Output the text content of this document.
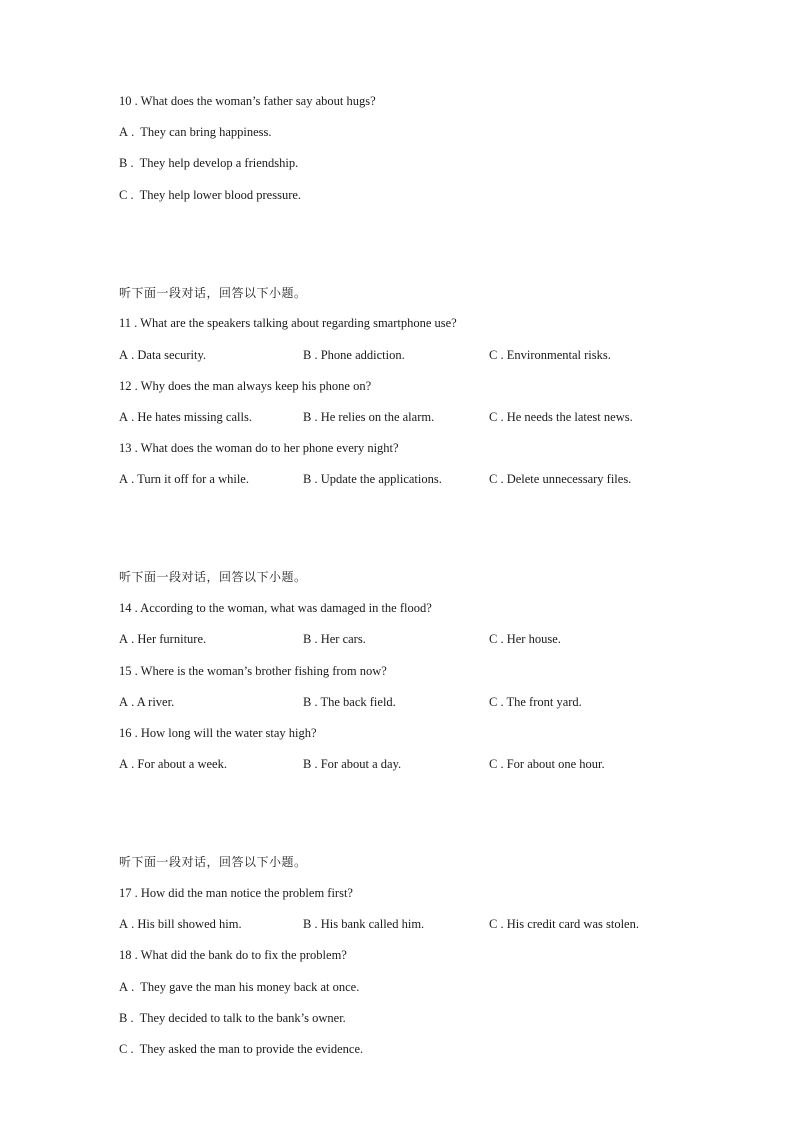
10 . What does the woman’s father say about hugs?
A .  They can bring happiness.
B .  They help develop a friendship.
C .  They help lower blood pressure.
听下面一段对话，回答以下小题。
11 . What are the speakers talking about regarding smartphone use?
A . Data security.	B . Phone addiction.	C . Environmental risks.
12 . Why does the man always keep his phone on?
A . He hates missing calls.	B . He relies on the alarm.	C . He needs the latest news.
13 . What does the woman do to her phone every night?
A . Turn it off for a while.	B . Update the applications.	C . Delete unnecessary files.
听下面一段对话，回答以下小题。
14 . According to the woman, what was damaged in the flood?
A . Her furniture.	B . Her cars.	C . Her house.
15 . Where is the woman’s brother fishing from now?
A . A river.	B . The back field.	C . The front yard.
16 . How long will the water stay high?
A . For about a week.	B . For about a day.	C . For about one hour.
听下面一段对话，回答以下小题。
17 . How did the man notice the problem first?
A . His bill showed him.	B . His bank called him.	C . His credit card was stolen.
18 . What did the bank do to fix the problem?
A .  They gave the man his money back at once.
B .  They decided to talk to the bank’s owner.
C .  They asked the man to provide the evidence.
